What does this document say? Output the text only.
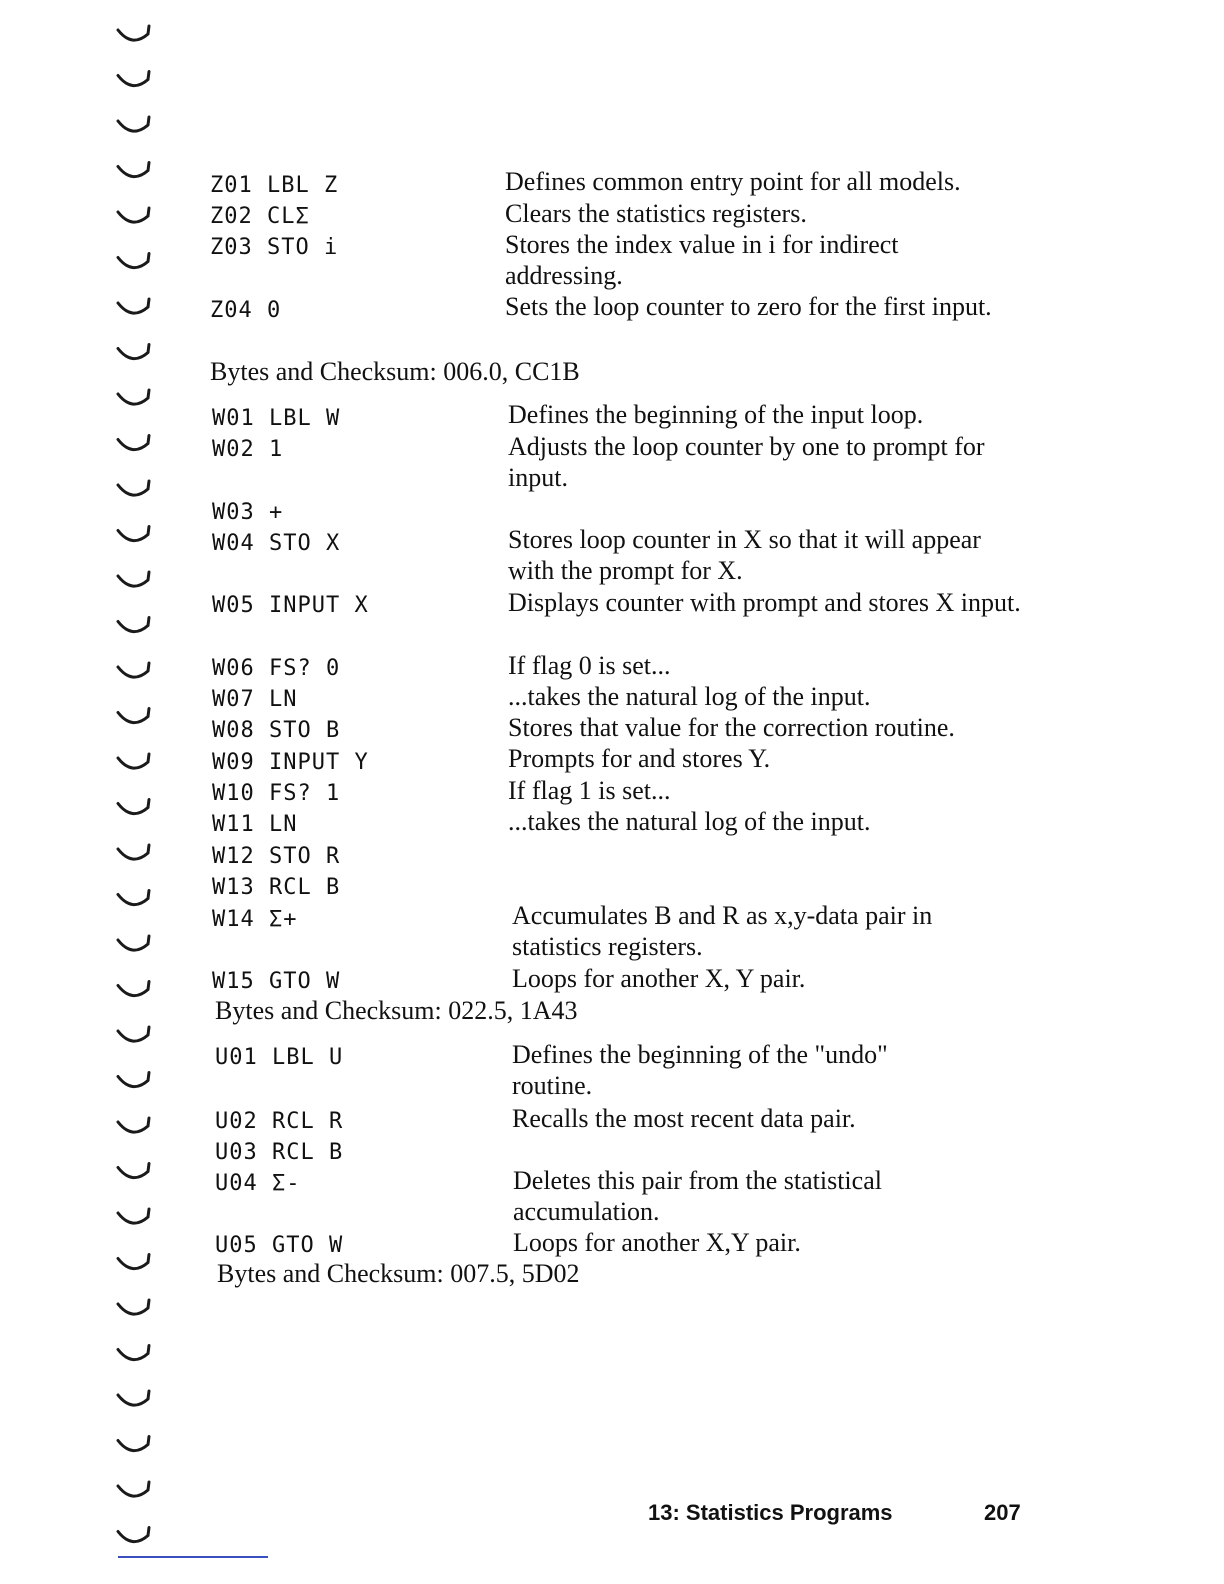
Z01 LBL Z	Defines common entry point for all models.
Z02 CLΣ	Clears the statistics registers.
Z03 STO i	Stores the index value in i for indirect addressing.
Z04 0	Sets the loop counter to zero for the first input.
Bytes and Checksum: 006.0, CC1B
W01 LBL W	Defines the beginning of the input loop.
W02 1	Adjusts the loop counter by one to prompt for input.
W03 +
W04 STO X	Stores loop counter in X so that it will appear with the prompt for X.
W05 INPUT X	Displays counter with prompt and stores X input.
W06 FS? 0	If flag 0 is set...
W07 LN	...takes the natural log of the input.
W08 STO B	Stores that value for the correction routine.
W09 INPUT Y	Prompts for and stores Y.
W10 FS? 1	If flag 1 is set...
W11 LN	...takes the natural log of the input.
W12 STO R
W13 RCL B
W14 Σ+	Accumulates B and R as x,y-data pair in statistics registers.
W15 GTO W	Loops for another X, Y pair.
Bytes and Checksum: 022.5, 1A43
U01 LBL U	Defines the beginning of the "undo" routine.
U02 RCL R	Recalls the most recent data pair.
U03 RCL B
U04 Σ-	Deletes this pair from the statistical accumulation.
U05 GTO W	Loops for another X,Y pair.
Bytes and Checksum: 007.5, 5D02
13: Statistics Programs	207
